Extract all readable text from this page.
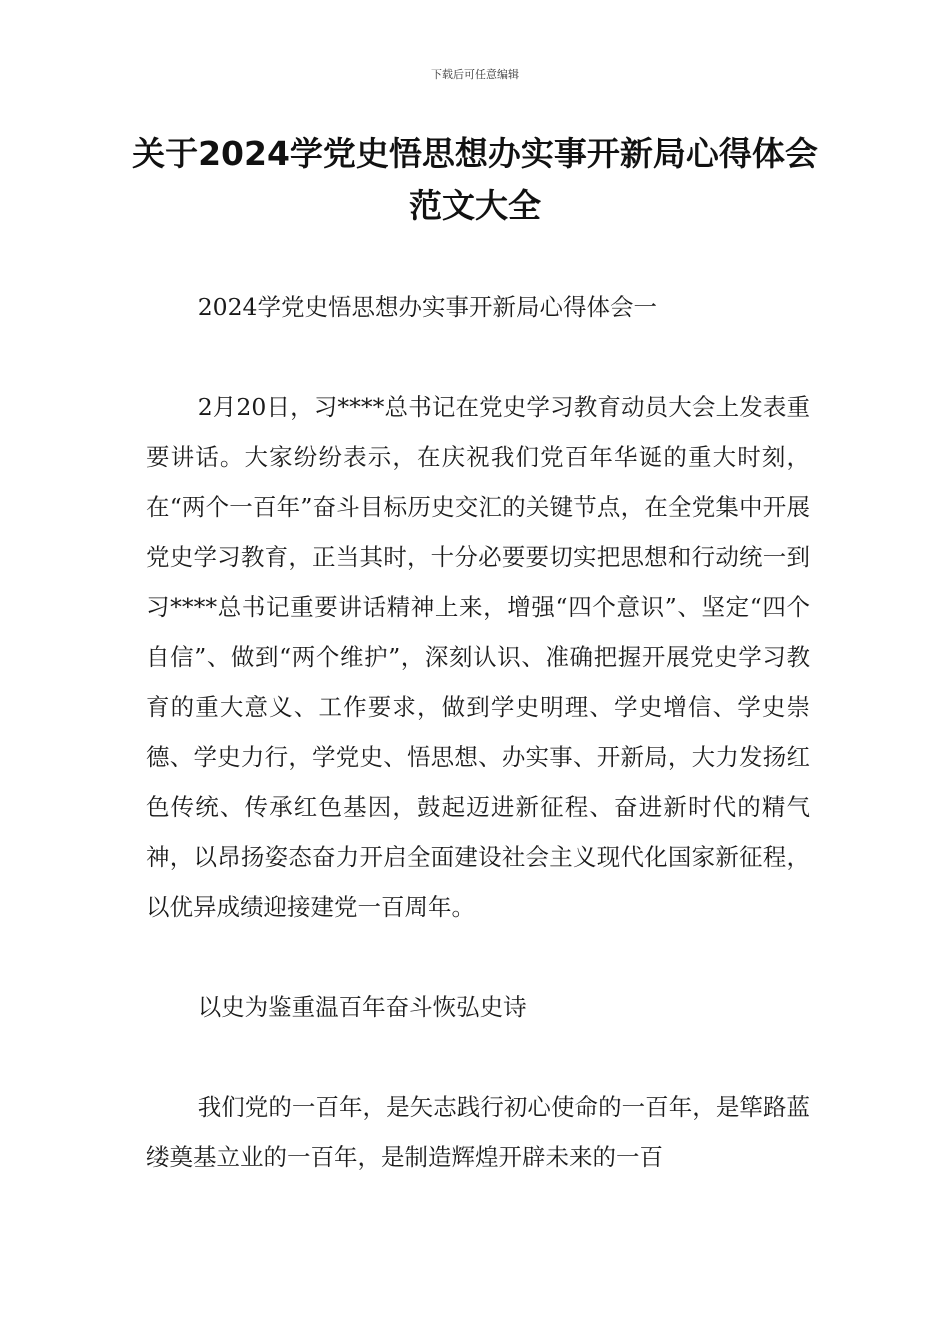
下载后可任意编辑
关于2024学党史悟思想办实事开新局心得体会范文大全

2024学党史悟思想办实事开新局心得体会一

2月20日，习****总书记在党史学习教育动员大会上发表重要讲话。大家纷纷表示，在庆祝我们党百年华诞的重大时刻，在“两个一百年”奋斗目标历史交汇的关键节点，在全党集中开展党史学习教育，正当其时，十分必要要切实把思想和行动统一到习****总书记重要讲话精神上来，增强“四个意识”、坚定“四个自信”、做到“两个维护”，深刻认识、准确把握开展党史学习教育的重大意义、工作要求，做到学史明理、学史增信、学史崇德、学史力行，学党史、悟思想、办实事、开新局，大力发扬红色传统、传承红色基因，鼓起迈进新征程、奋进新时代的精气神，以昂扬姿态奋力开启全面建设社会主义现代化国家新征程，以优异成绩迎接建党一百周年。

以史为鉴重温百年奋斗恢弘史诗

我们党的一百年，是矢志践行初心使命的一百年，是筚路蓝缕奠基立业的一百年，是制造辉煌开辟未来的一百
